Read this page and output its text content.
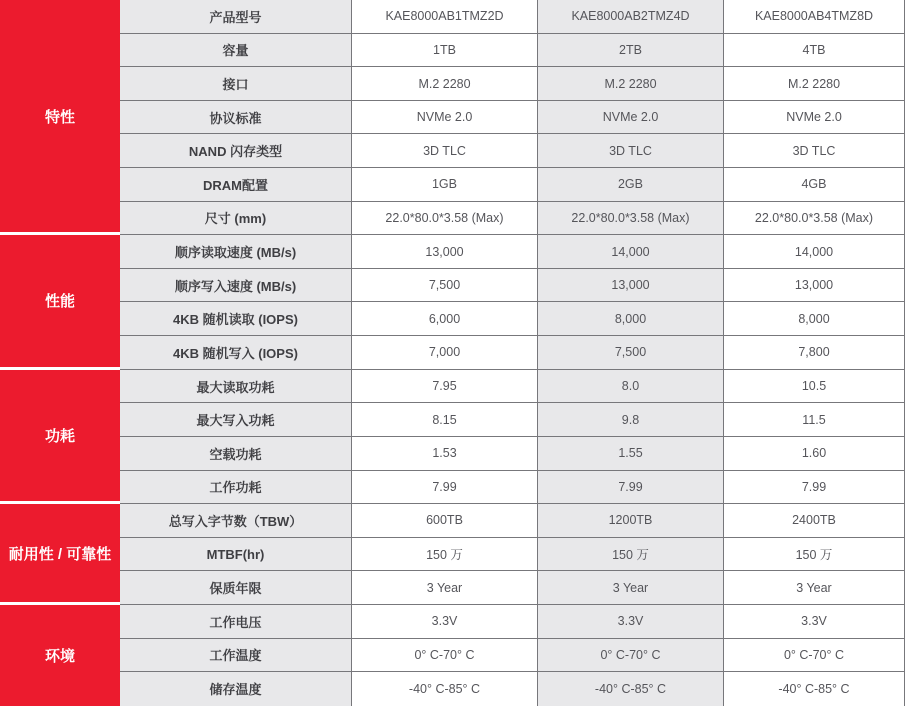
特性
产品型号	KAE8000AB1TMZ2D	KAE8000AB2TMZ4D	KAE8000AB4TMZ8D
容量	1TB	2TB	4TB
接口	M.2 2280	M.2 2280	M.2 2280
协议标准	NVMe 2.0	NVMe 2.0	NVMe 2.0
NAND 闪存类型	3D TLC	3D TLC	3D TLC
DRAM配置	1GB	2GB	4GB
尺寸 (mm)	22.0*80.0*3.58 (Max)	22.0*80.0*3.58 (Max)	22.0*80.0*3.58 (Max)
性能
顺序读取速度 (MB/s)	13,000	14,000	14,000
顺序写入速度 (MB/s)	7,500	13,000	13,000
4KB 随机读取 (IOPS)	6,000	8,000	8,000
4KB 随机写入 (IOPS)	7,000	7,500	7,800
功耗
最大读取功耗	7.95	8.0	10.5
最大写入功耗	8.15	9.8	11.5
空载功耗	1.53	1.55	1.60
工作功耗	7.99	7.99	7.99
耐用性 / 可靠性
总写入字节数（TBW）	600TB	1200TB	2400TB
MTBF(hr)	150 万	150 万	150 万
保质年限	3 Year	3 Year	3 Year
环境
工作电压	3.3V	3.3V	3.3V
工作温度	0° C-70° C	0° C-70° C	0° C-70° C
储存温度	-40° C-85° C	-40° C-85° C	-40° C-85° C
